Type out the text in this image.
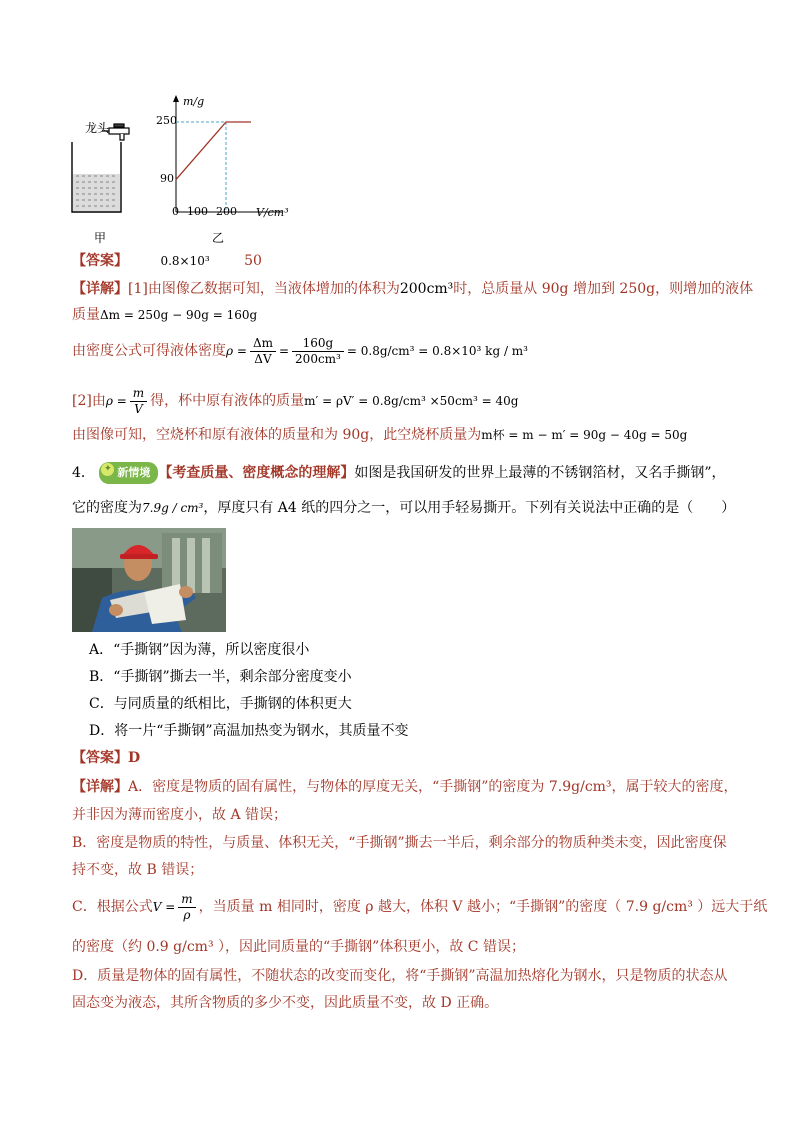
龙头
甲
m/g
250
90
0 100 200 V/cm³
乙
【答案】	0.8×10³ 50
【详解】[1]由图像乙数据可知，当液体增加的体积为200cm³时，总质量从 90g 增加到 250g，则增加的液体
质量Δm = 250g − 90g = 160g
由密度公式可得液体密度$\rho = \frac{\Delta m}{\Delta V} = \frac{160g}{\text{200cm³}} = 0.8g/cm^3 = 0.8\times 10^3$ kg / m³
[2]由$\rho = \frac{m}{V}$ 得，杯中原有液体的质量m′ = ρV′ = 0.8g/cm³ ×50cm³ = 40g
由图像可知，空烧杯和原有液体的质量和为 90g，此空烧杯质量为m杯 = m − m′ = 90g − 40g = 50g
4．	✦ 新情境 【考查质量、密度概念的理解】如图是我国研发的世界上最薄的不锈钢箔材，又名手撕钢”，
它的密度为7.9g / cm³，厚度只有 A4 纸的四分之一，可以用手轻易撕开。下列有关说法中正确的是（　　）
A．“手撕钢”因为薄，所以密度很小
B．“手撕钢”撕去一半，剩余部分密度变小
C．与同质量的纸相比，手撕钢的体积更大
D．将一片“手撕钢”高温加热变为钢水，其质量不变
【答案】D
【详解】A．密度是物质的固有属性，与物体的厚度无关，“手撕钢”的密度为 7.9g/cm³，属于较大的密度，
并非因为薄而密度小，故 A 错误；
B．密度是物质的特性，与质量、体积无关，“手撕钢”撕去一半后，剩余部分的物质种类未变，因此密度保
持不变，故 B 错误；
C．根据公式$V = \frac{m}{\rho}$ ，当质量 m 相同时，密度 ρ 越大，体积 V 越小；“手撕钢”的密度（ 7.9 g/cm³ ）远大于纸
的密度（约 0.9 g/cm³ ），因此同质量的“手撕钢”体积更小，故 C 错误；
D．质量是物体的固有属性，不随状态的改变而变化，将“手撕钢”高温加热熔化为钢水，只是物质的状态从
固态变为液态，其所含物质的多少不变，因此质量不变，故 D 正确。
